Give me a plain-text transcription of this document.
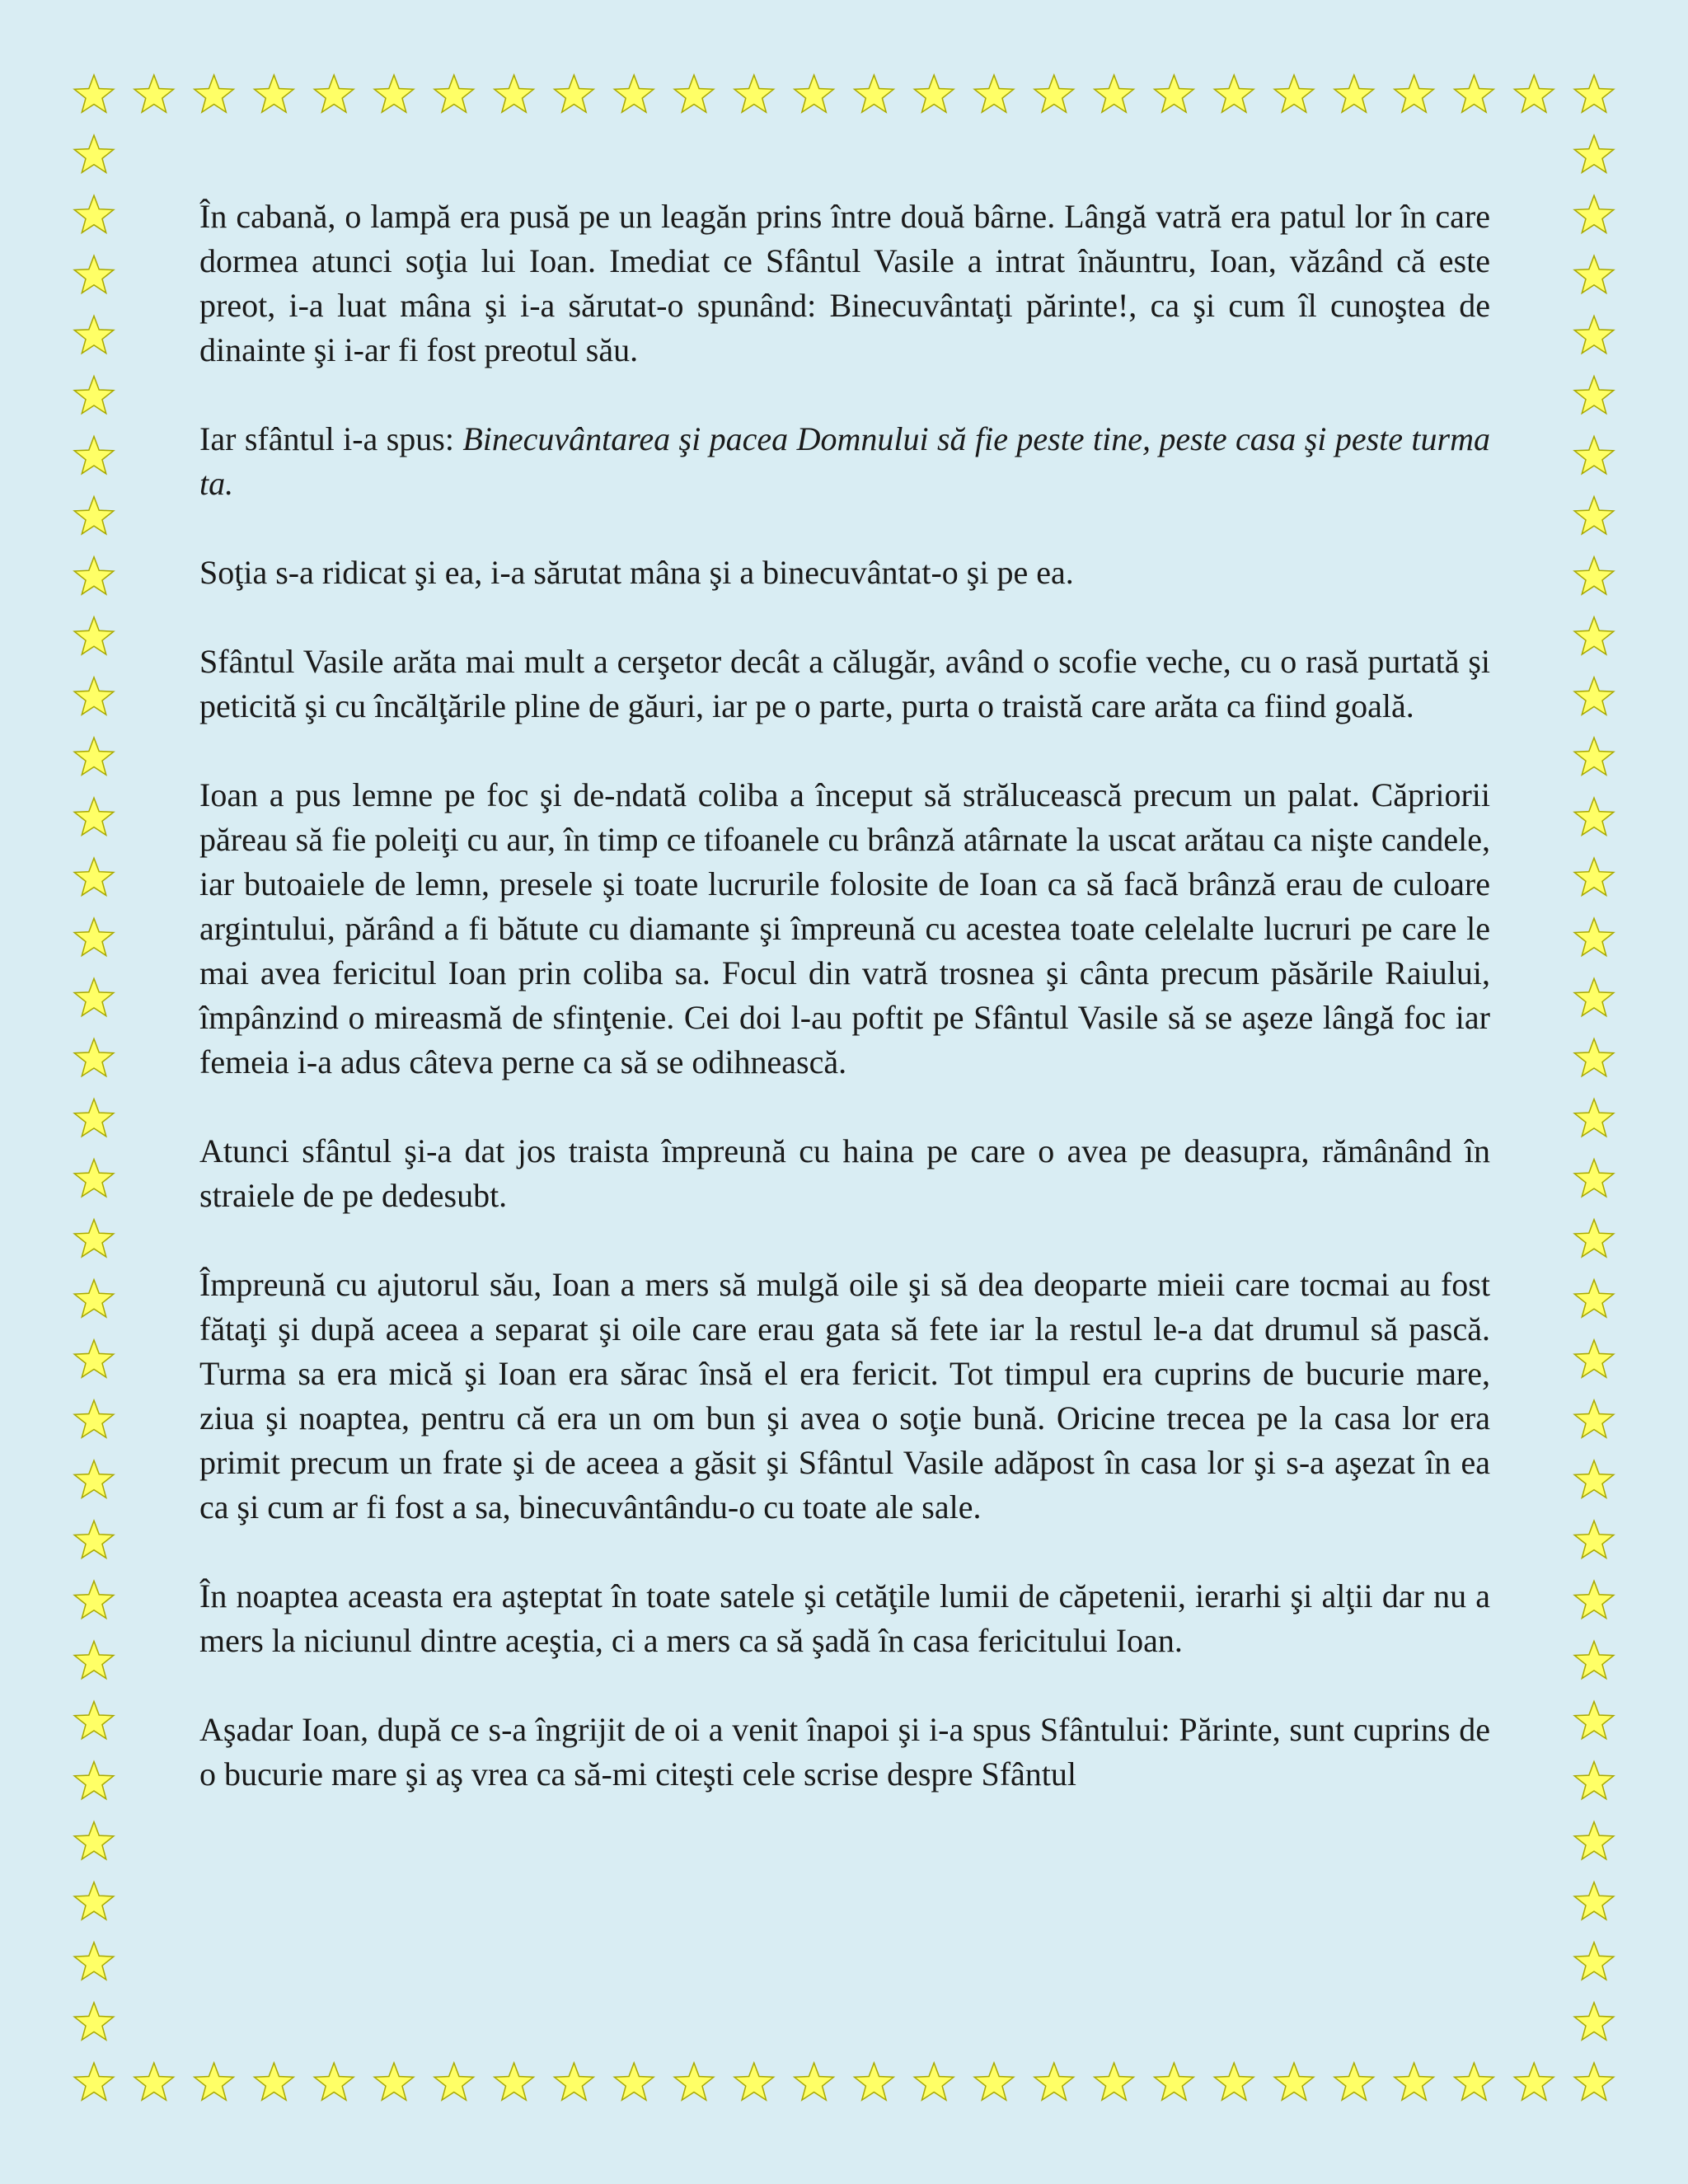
În cabană, o lampă era pusă pe un leagăn prins între două bârne. Lângă vatră era patul lor în care dormea atunci soţia lui Ioan. Imediat ce Sfântul Vasile a intrat înăuntru, Ioan, văzând că este preot, i-a luat mâna şi i-a sărutat-o spunând: Binecuvântaţi părinte!, ca şi cum îl cunoştea de dinainte şi i-ar fi fost preotul său.

Iar sfântul i-a spus: Binecuvântarea şi pacea Domnului să fie peste tine, peste casa şi peste turma ta.

Soţia s-a ridicat şi ea, i-a sărutat mâna şi a binecuvântat-o şi pe ea.

Sfântul Vasile arăta mai mult a cerşetor decât a călugăr, având o scofie veche, cu o rasă purtată şi peticită şi cu încălţările pline de găuri, iar pe o parte, purta o traistă care arăta ca fiind goală.

Ioan a pus lemne pe foc şi de-ndată coliba a început să strălucească precum un palat. Căpriorii păreau să fie poleiţi cu aur, în timp ce tifoanele cu brânză atârnate la uscat arătau ca nişte candele, iar butoaiele de lemn, presele şi toate lucrurile folosite de Ioan ca să facă brânză erau de culoare argintului, părând a fi bătute cu diamante şi împreună cu acestea toate celelalte lucruri pe care le mai avea fericitul Ioan prin coliba sa. Focul din vatră trosnea şi cânta precum păsările Raiului, împânzind o mireasmă de sfinţenie. Cei doi l-au poftit pe Sfântul Vasile să se aşeze lângă foc iar femeia i-a adus câteva perne ca să se odihnească.

Atunci sfântul şi-a dat jos traista împreună cu haina pe care o avea pe deasupra, rămânând în straiele de pe dedesubt.

Împreună cu ajutorul său, Ioan a mers să mulgă oile şi să dea deoparte mieii care tocmai au fost fătaţi şi după aceea a separat şi oile care erau gata să fete iar la restul le-a dat drumul să pască. Turma sa era mică şi Ioan era sărac însă el era fericit. Tot timpul era cuprins de bucurie mare, ziua şi noaptea, pentru că era un om bun şi avea o soţie bună. Oricine trecea pe la casa lor era primit precum un frate şi de aceea a găsit şi Sfântul Vasile adăpost în casa lor şi s-a aşezat în ea ca şi cum ar fi fost a sa, binecuvântându-o cu toate ale sale.

În noaptea aceasta era aşteptat în toate satele şi cetăţile lumii de căpetenii, ierarhi şi alţii dar nu a mers la niciunul dintre aceştia, ci a mers ca să şadă în casa fericitului Ioan.

Aşadar Ioan, după ce s-a îngrijit de oi a venit înapoi şi i-a spus Sfântului: Părinte, sunt cuprins de o bucurie mare şi aş vrea ca să-mi citeşti cele scrise despre Sfântul
